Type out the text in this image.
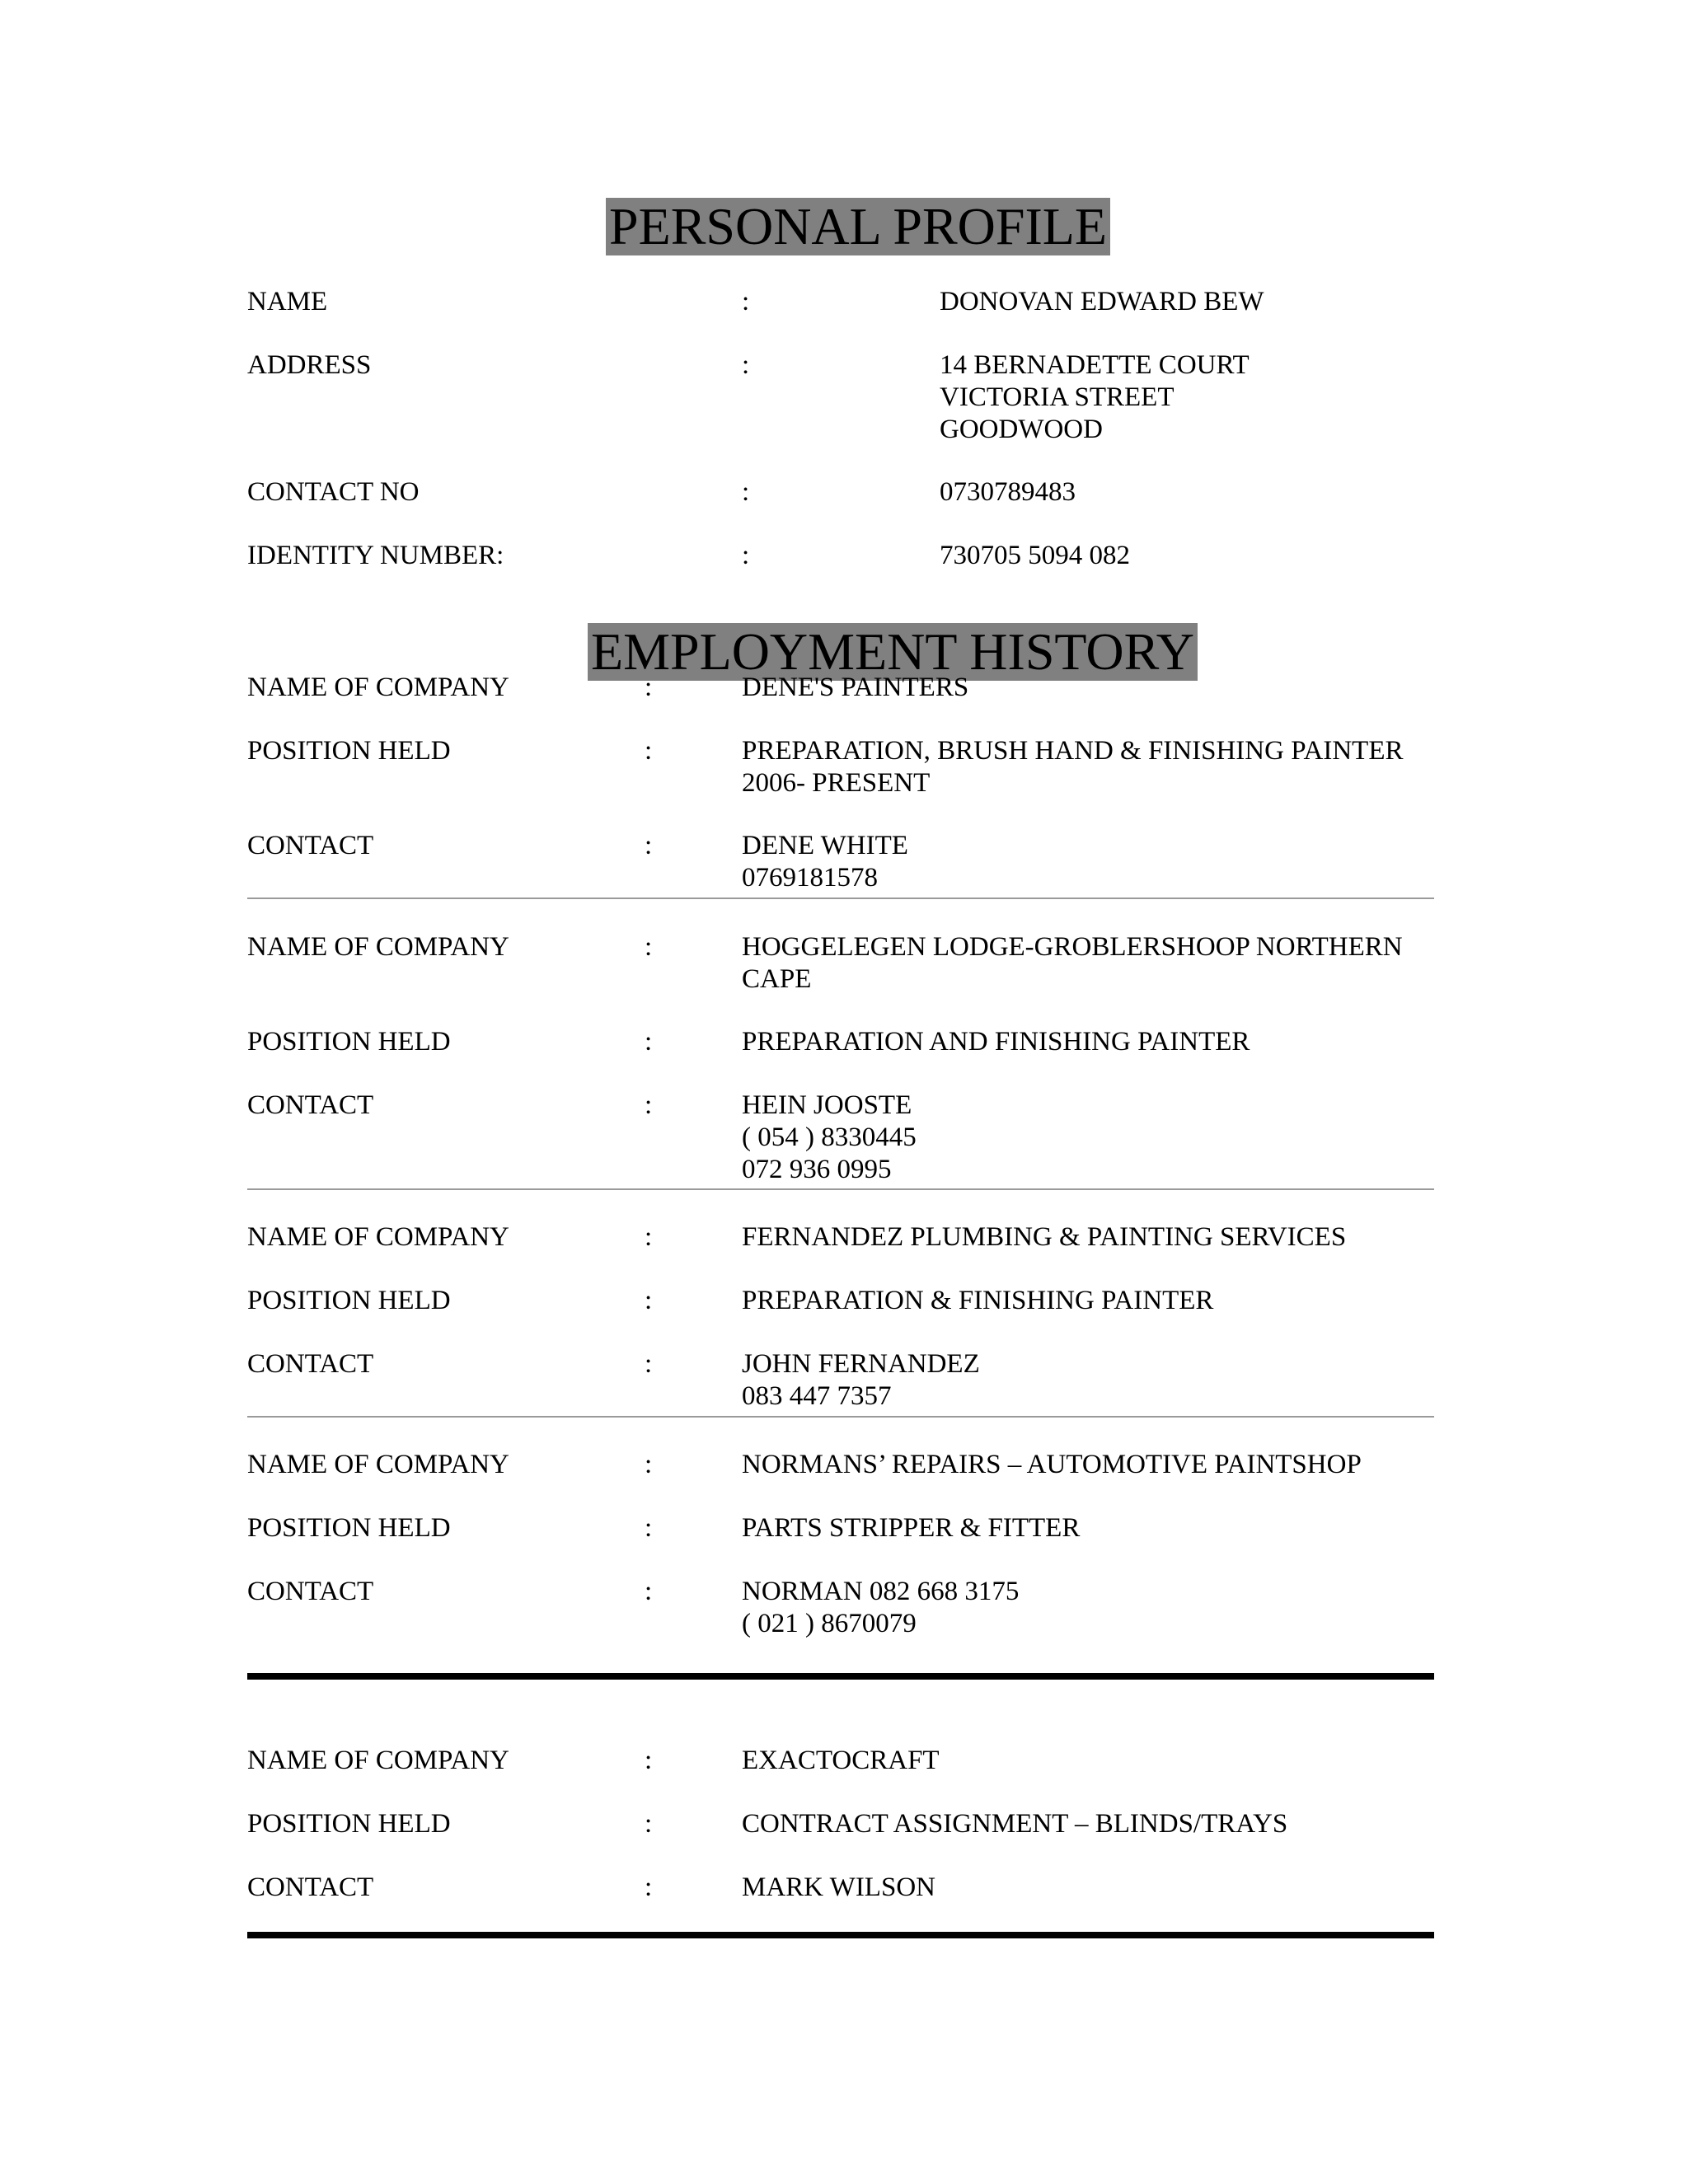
PERSONAL PROFILE
NAME	:	DONOVAN EDWARD BEW
ADDRESS	:	14 BERNADETTE COURT
VICTORIA STREET
GOODWOOD
CONTACT NO	:	0730789483
IDENTITY NUMBER:	:	730705 5094 082
EMPLOYMENT HISTORY
NAME OF COMPANY	:	DENE'S PAINTERS
POSITION HELD	:	PREPARATION, BRUSH HAND & FINISHING PAINTER
2006- PRESENT
CONTACT	:	DENE WHITE
0769181578
NAME OF COMPANY	:	HOGGELEGEN LODGE-GROBLERSHOOP NORTHERN
CAPE
POSITION HELD	:	PREPARATION AND FINISHING PAINTER
CONTACT	:	HEIN JOOSTE
( 054 ) 8330445
072 936 0995
NAME OF COMPANY	:	FERNANDEZ PLUMBING & PAINTING SERVICES
POSITION HELD	:	PREPARATION & FINISHING PAINTER
CONTACT	:	JOHN FERNANDEZ
083 447 7357
NAME OF COMPANY	:	NORMANS’ REPAIRS – AUTOMOTIVE PAINTSHOP
POSITION HELD	:	PARTS STRIPPER & FITTER
CONTACT	:	NORMAN 082 668 3175
( 021 ) 8670079
NAME OF COMPANY	:	EXACTOCRAFT
POSITION HELD	:	CONTRACT ASSIGNMENT – BLINDS/TRAYS
CONTACT	:	MARK WILSON
